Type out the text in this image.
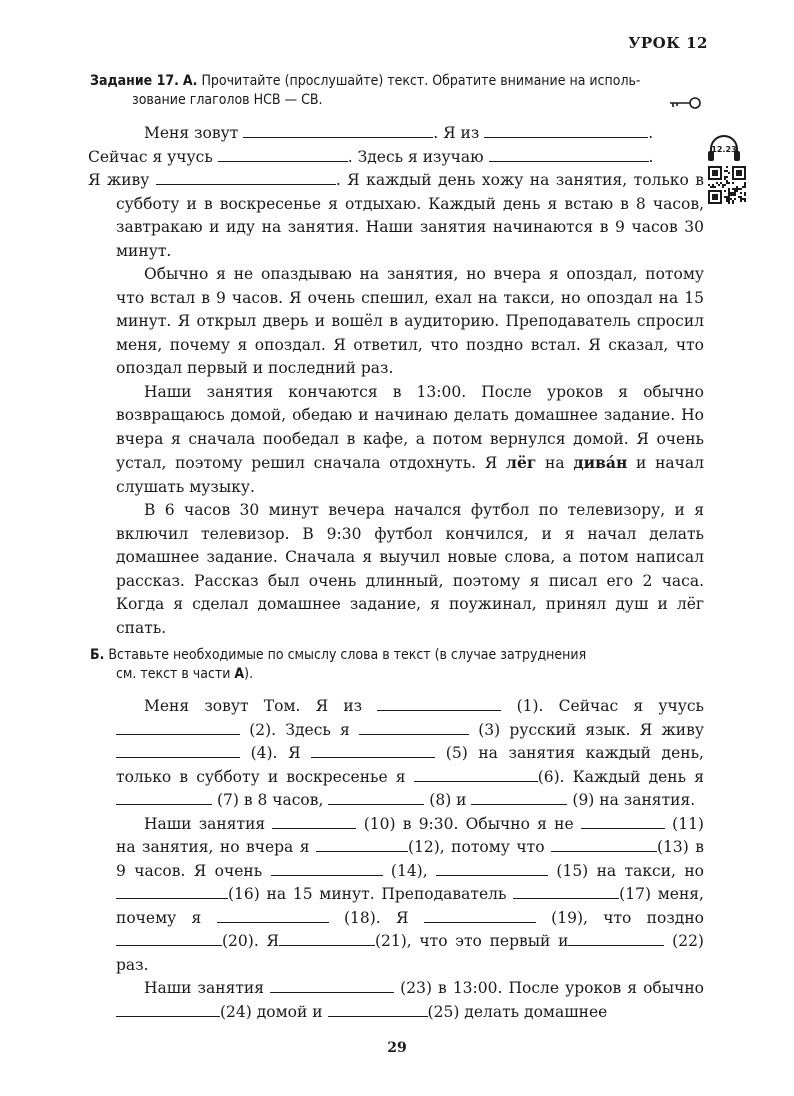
УРОК 12
Задание 17. А. Прочитайте (прослушайте) текст. Обратите внимание на исполь-
зование глаголов НСВ — СВ.
12.23

Меня зовут	. Я из	.
Сейчас я учусь	. Здесь я изучаю	.
Я живу	. Я каждый день хожу на занятия, только в субботу и в воскресенье я отдыхаю. Каждый день я встаю в 8 часов, завтракаю и иду на занятия. Наши занятия начинаются в 9 часов 30 минут.

Обычно я не опаздываю на занятия, но вчера я опоздал, потому что встал в 9 часов. Я очень спешил, ехал на такси, но опоздал на 15 минут. Я открыл дверь и вошёл в аудиторию. Преподаватель спросил меня, почему я опоздал. Я ответил, что поздно встал. Я сказал, что опоздал первый и последний раз.

Наши занятия кончаются в 13:00. После уроков я обычно возвращаюсь домой, обедаю и начинаю делать домашнее задание. Но вчера я сначала пообедал в кафе, а потом вернулся домой. Я очень устал, поэтому решил сначала отдохнуть. Я лёг на дива́н и начал слушать музыку.

В 6 часов 30 минут вечера начался футбол по телевизору, и я включил телевизор. В 9:30 футбол кончился, и я начал делать домашнее задание. Сначала я выучил новые слова, а потом написал рассказ. Рассказ был очень длинный, поэтому я писал его 2 часа. Когда я сделал домашнее задание, я поужинал, принял душ и лёг спать.

Б. Вставьте необходимые по смыслу слова в текст (в случае затруднения
см. текст в части А).

Меня зовут Том. Я из	(1). Сейчас я учусь  (2). Здесь я	(3) русский язык. Я живу  (4). Я	(5) на занятия каждый день, только в субботу и воскресенье я	(6). Каждый день я  (7) в 8 часов,	(8) и	(9) на занятия.

Наши занятия	(10) в 9:30. Обычно я не	(11) на занятия, но вчера я	(12), потому что	(13) в 9 часов. Я очень	(14),	(15) на такси, но (16) на 15 минут. Преподаватель	(17) меня, почему я	(18). Я	(19), что поздно (20). Я	(21), что это первый и	(22) раз.

Наши занятия	(23) в 13:00. После уроков я обычно (24) домой и	(25) делать домашнее

29
